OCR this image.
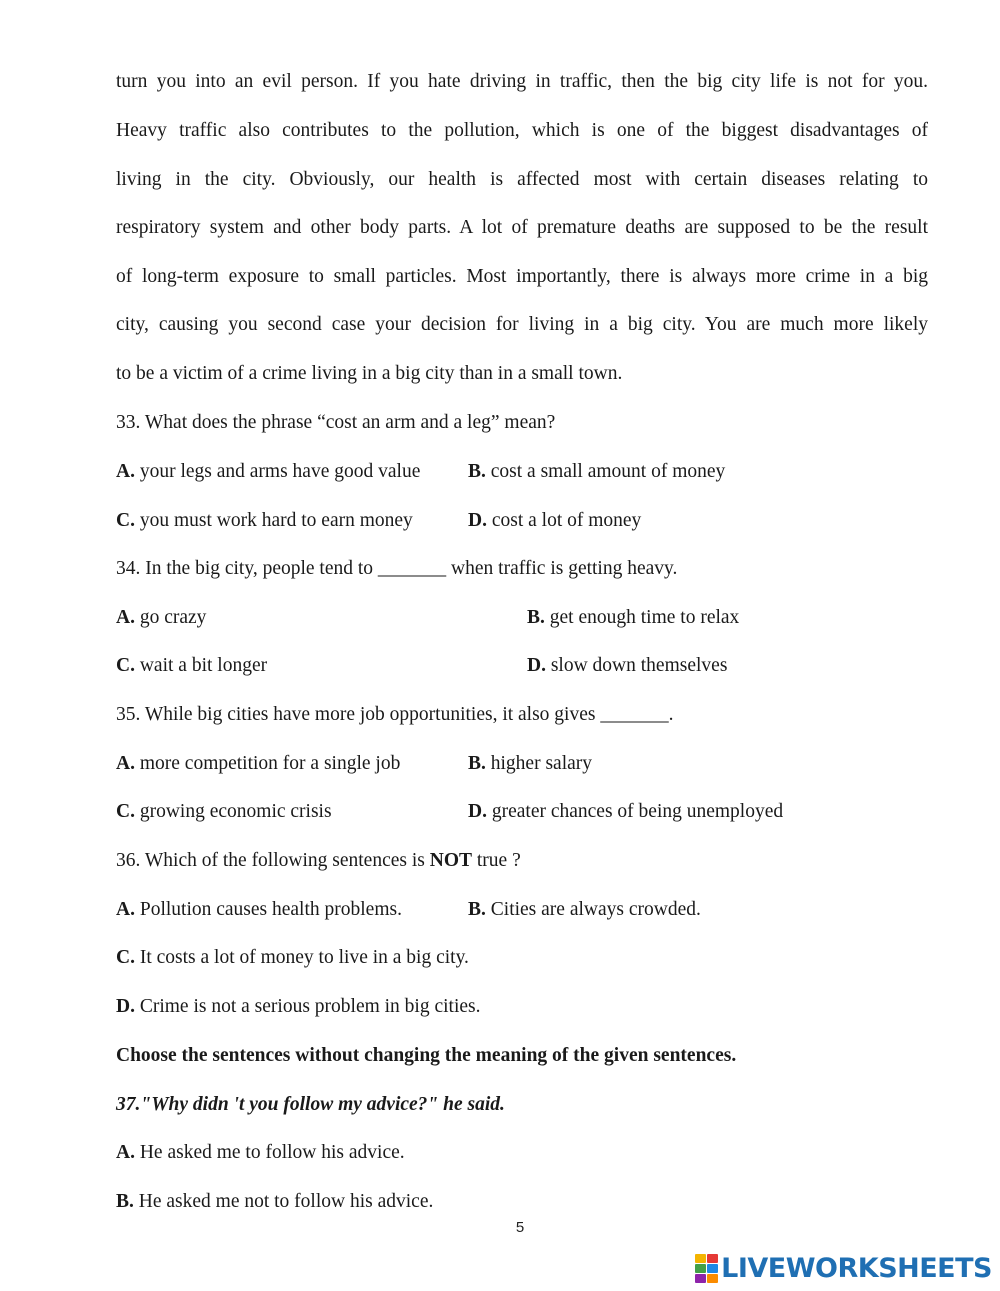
turn you into an evil person. If you hate driving in traffic, then the big city life is not for you.
Heavy traffic also contributes to the pollution, which is one of the biggest disadvantages of
living in the city. Obviously, our health is affected most with certain diseases relating to
respiratory system and other body parts. A lot of premature deaths are supposed to be the result
of long-term exposure to small particles. Most importantly, there is always more crime in a big
city, causing you second case your decision for living in a big city. You are much more likely
to be a victim of a crime living in a big city than in a small town.
33. What does the phrase “cost an arm and a leg” mean?
A. your legs and arms have good value B. cost a small amount of money
C. you must work hard to earn money	D. cost a lot of money
34. In the big city, people tend to _______ when traffic is getting heavy.
A. go crazy	B. get enough time to relax
C. wait a bit longer	D. slow down themselves
35. While big cities have more job opportunities, it also gives _______.
A. more competition for a single job	B. higher salary
C. growing economic crisis	D. greater chances of being unemployed
36. Which of the following sentences is NOT true ?
A. Pollution causes health problems.	B. Cities are always crowded.
C. It costs a lot of money to live in a big city.
D. Crime is not a serious problem in big cities.
Choose the sentences without changing the meaning of the given sentences.
37."Why didn 't you follow my advice?" he said.
A. He asked me to follow his advice.
B. He asked me not to follow his advice.
5
LIVEWORKSHEETS
